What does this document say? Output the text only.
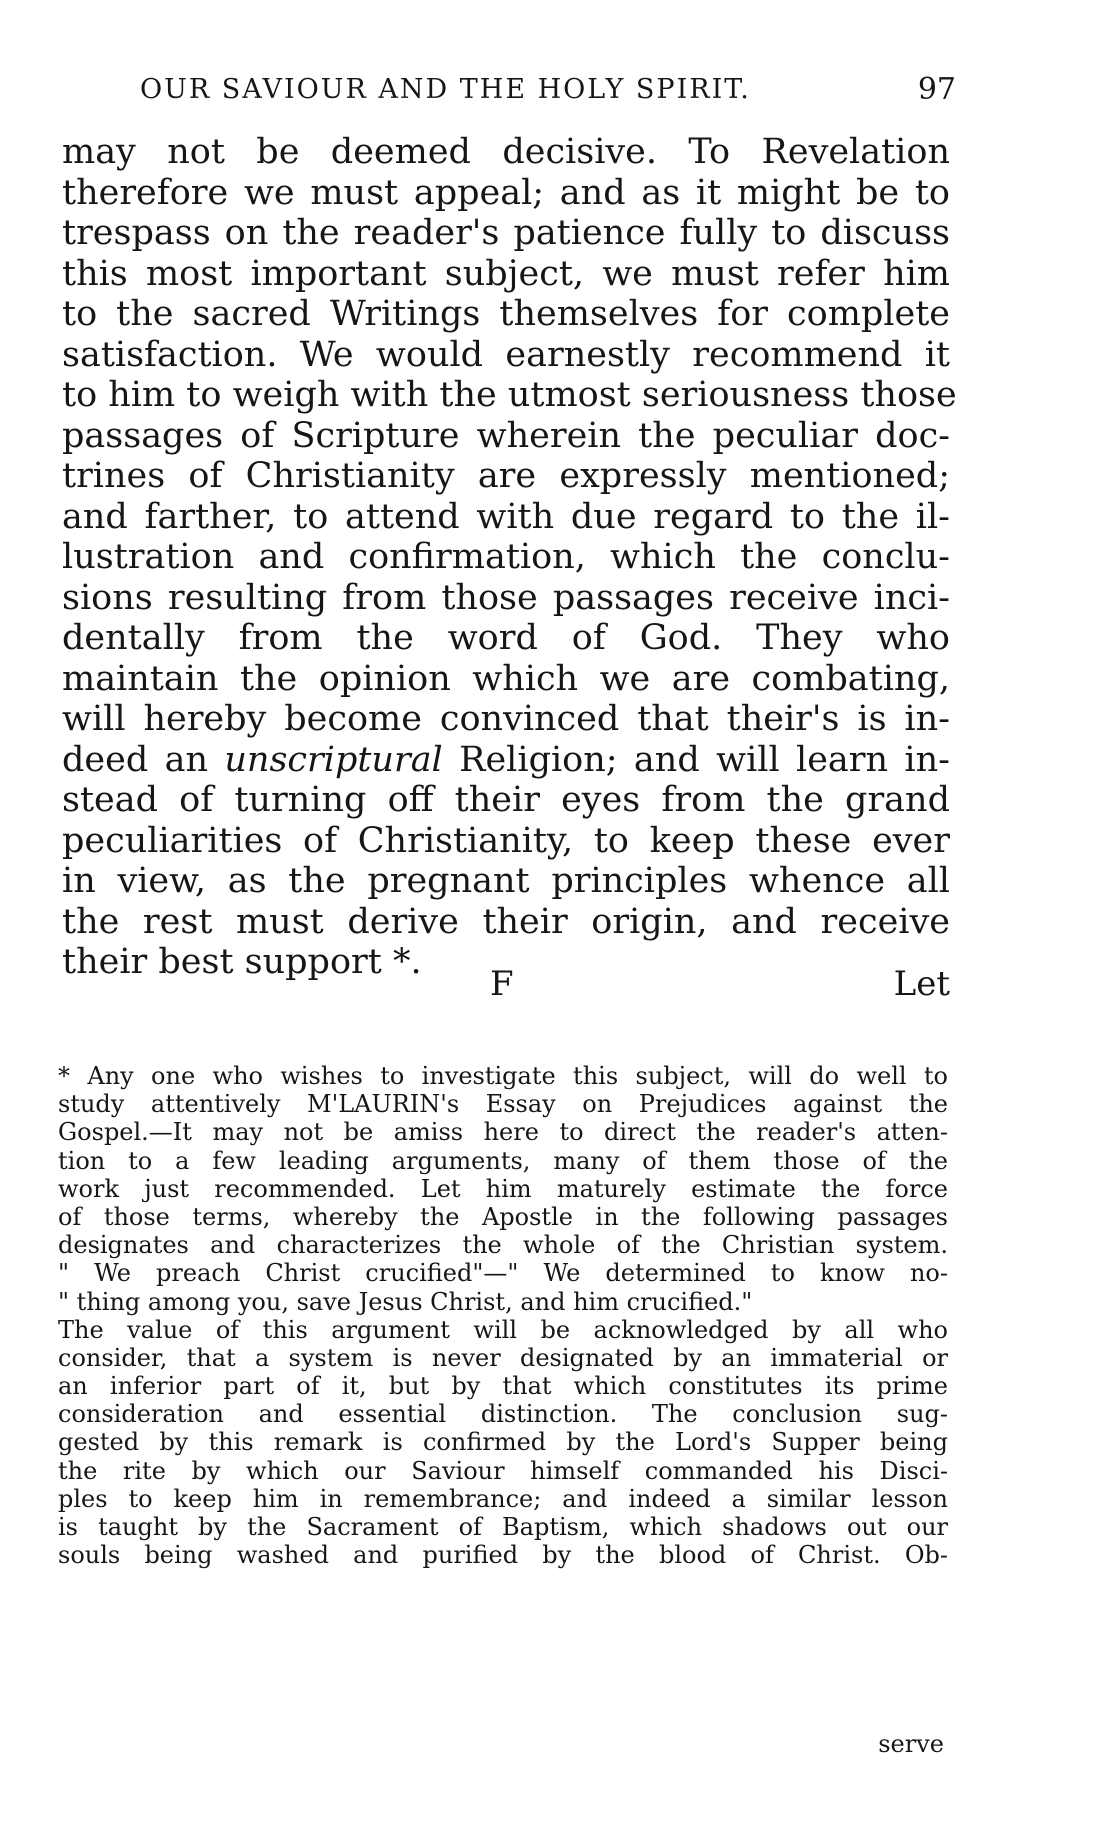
OUR SAVIOUR AND THE HOLY SPIRIT.	97
may not be deemed decisive. To Revelation
therefore we must appeal; and as it might be to
trespass on the reader's patience fully to discuss
this most important subject, we must refer him
to the sacred Writings themselves for complete
satisfaction. We would earnestly recommend it
to him to weigh with the utmost seriousness those
passages of Scripture wherein the peculiar doc-
trines of Christianity are expressly mentioned;
and farther, to attend with due regard to the il-
lustration and confirmation, which the conclu-
sions resulting from those passages receive inci-
dentally from the word of God. They who
maintain the opinion which we are combating,
will hereby become convinced that their's is in-
deed an unscriptural Religion; and will learn in-
stead of turning off their eyes from the grand
peculiarities of Christianity, to keep these ever
in view, as the pregnant principles whence all
the rest must derive their origin, and receive
their best support *.
F	Let
* Any one who wishes to investigate this subject, will do well to
study attentively M'LAURIN's Essay on Prejudices against the
Gospel.—It may not be amiss here to direct the reader's atten-
tion to a few leading arguments, many of them those of the
work just recommended. Let him maturely estimate the force
of those terms, whereby the Apostle in the following passages
designates and characterizes the whole of the Christian system.
" We preach Christ crucified"—" We determined to know no-
" thing among you, save Jesus Christ, and him crucified."
The value of this argument will be acknowledged by all who
consider, that a system is never designated by an immaterial or
an inferior part of it, but by that which constitutes its prime
consideration and essential distinction. The conclusion sug-
gested by this remark is confirmed by the Lord's Supper being
the rite by which our Saviour himself commanded his Disci-
ples to keep him in remembrance; and indeed a similar lesson
is taught by the Sacrament of Baptism, which shadows out our
souls being washed and purified by the blood of Christ. Ob-
serve
